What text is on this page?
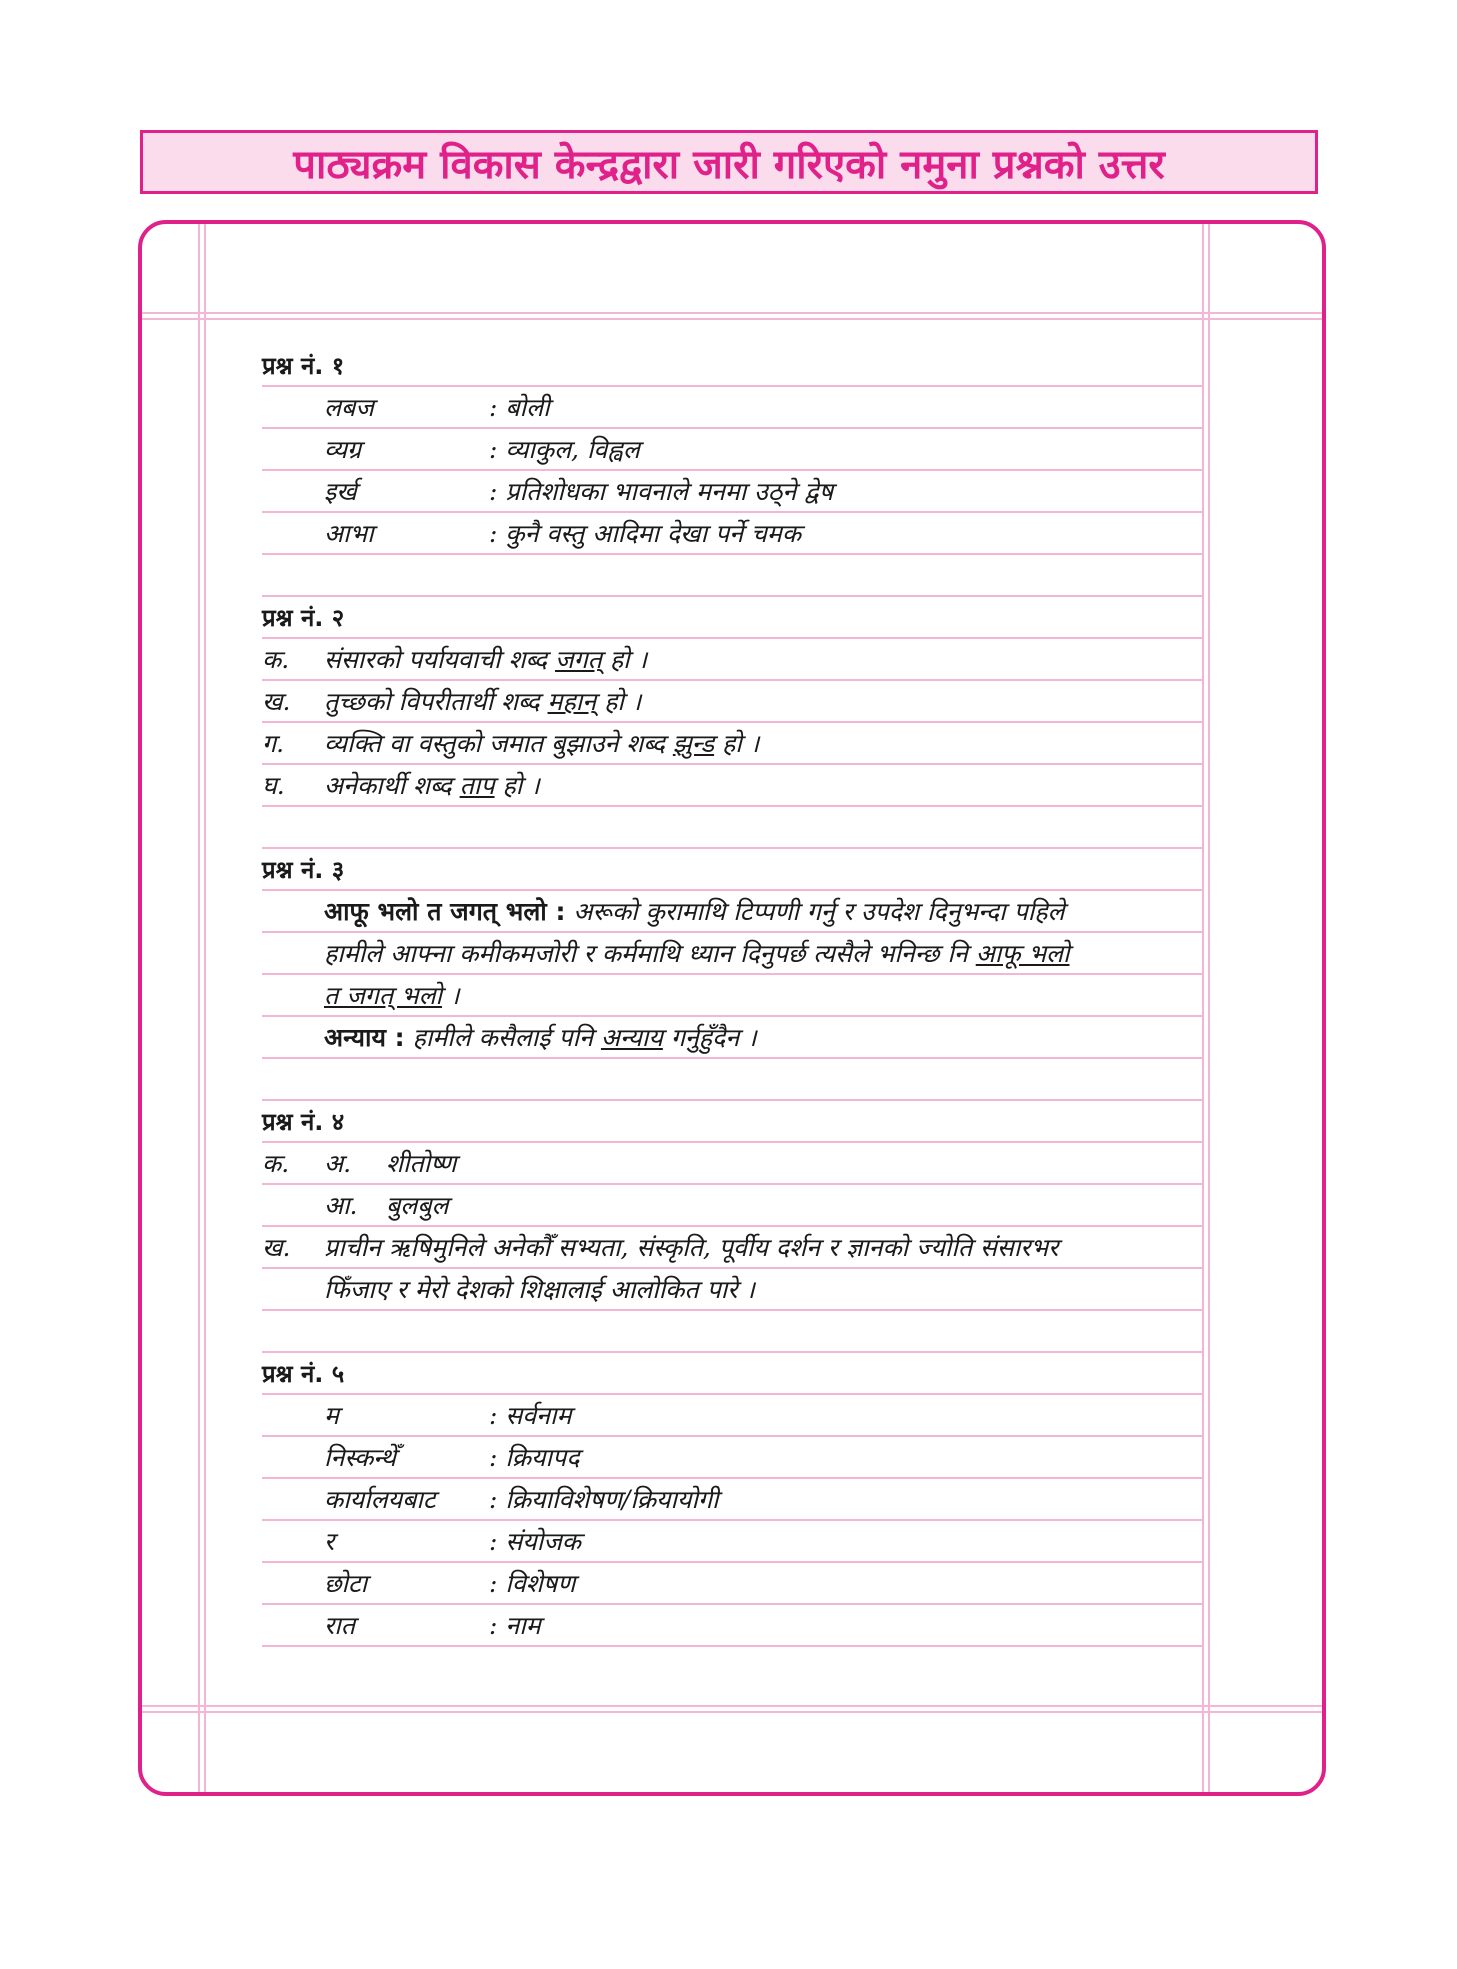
पाठ्यक्रम विकास केन्द्रद्वारा जारी गरिएको नमुना प्रश्नको उत्तर
प्रश्न नं. १
लबज	: बोली
व्यग्र	: व्याकुल, विह्वल
इर्ख	: प्रतिशोधका भावनाले मनमा उठ्ने द्वेष
आभा	: कुनै वस्तु आदिमा देखा पर्ने चमक
प्रश्न नं. २
क. संसारको पर्यायवाची शब्द जगत् हो ।
ख. तुच्छको विपरीतार्थी शब्द महान् हो ।
ग. व्यक्ति वा वस्तुको जमात बुझाउने शब्द झुन्ड हो ।
घ. अनेकार्थी शब्द ताप हो ।
प्रश्न नं. ३
आफू भलो त जगत् भलो : अरूको कुरामाथि टिप्पणी गर्नु र उपदेश दिनुभन्दा पहिले
हामीले आफ्ना कमीकमजोरी र कर्ममाथि ध्यान दिनुपर्छ त्यसैले भनिन्छ नि आफू भलो
त जगत् भलो ।
अन्याय : हामीले कसैलाई पनि अन्याय गर्नुहुँदैन ।
प्रश्न नं. ४
क. अ. शीतोष्ण
आ. बुलबुल
ख. प्राचीन ऋषिमुनिले अनेकौँ सभ्यता, संस्कृति, पूर्वीय दर्शन र ज्ञानको ज्योति संसारभर
फिँजाए र मेरो देशको शिक्षालाई आलोकित पारे ।
प्रश्न नं. ५
म	: सर्वनाम
निस्कन्थेँ	: क्रियापद
कार्यालयबाट : क्रियाविशेषण/क्रियायोगी
र	: संयोजक
छोटा	: विशेषण
रात	: नाम
